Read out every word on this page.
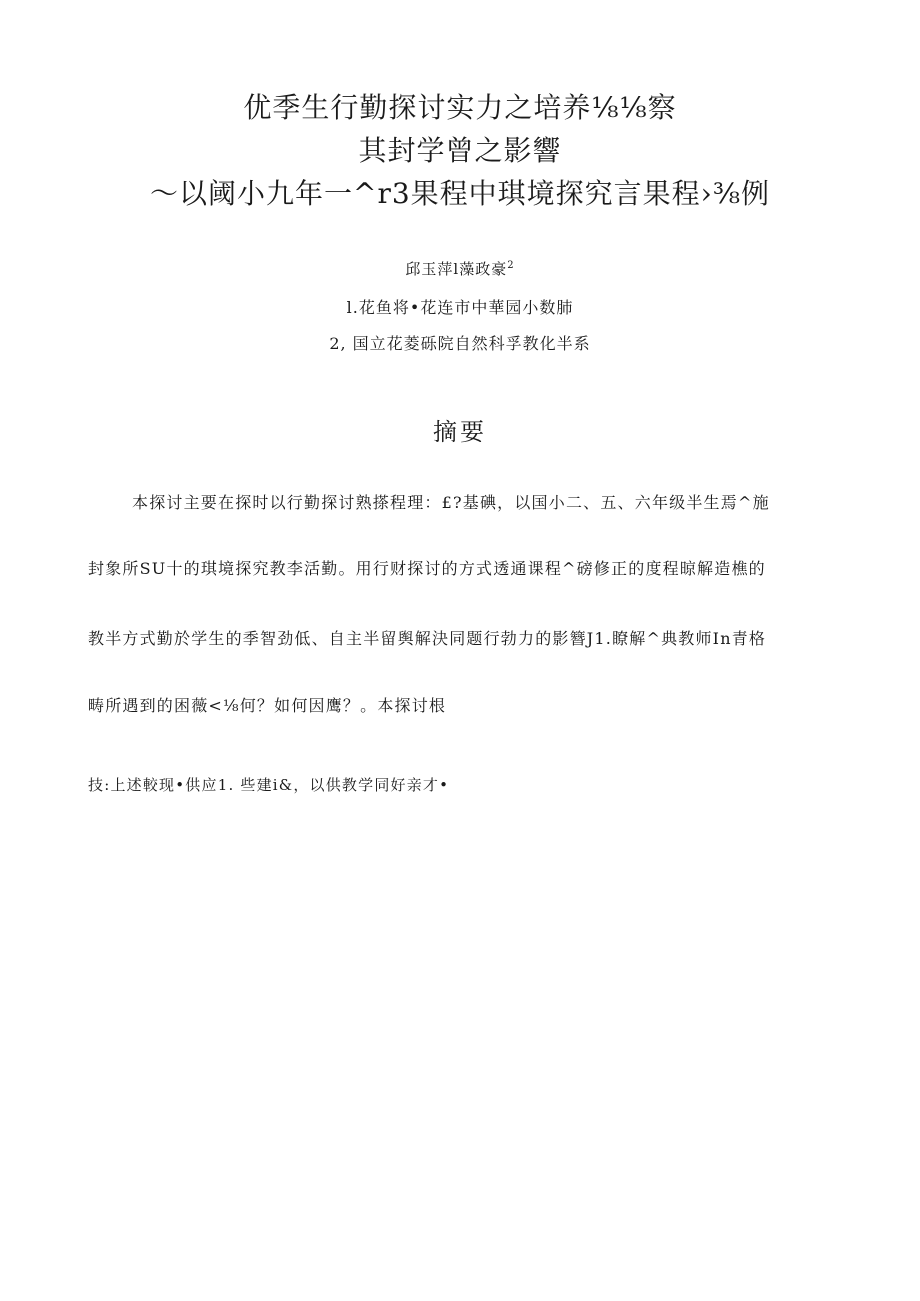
优季生行勤探讨实力之培养⅛⅛察
其封学曾之影響
～以阈小九年一^r3果程中琪境探究言果程›⅜例
邱玉萍l藻政豪$^2$
l.花鱼将•花连市中華园小数肺
2, 国立花菱砾院自然科孚教化半系
摘要
本探讨主要在探时以行勤探讨熟搽程理：£?基碘，以国小二、五、六年级半生焉^施
封象所SU十的琪境探究教李活勤。用行财探讨的方式透通课程^磅修正的度程晾解造樵的
教半方式勤於学生的季智劲低、自主半留舆解決同题行勃力的影簪J1.瞭解^典教师In青格
畴所遇到的困薇<⅛何？如何因鹰？。本探讨根
技:上述較现•供应1. 些建i&，以供教学同好亲才•
